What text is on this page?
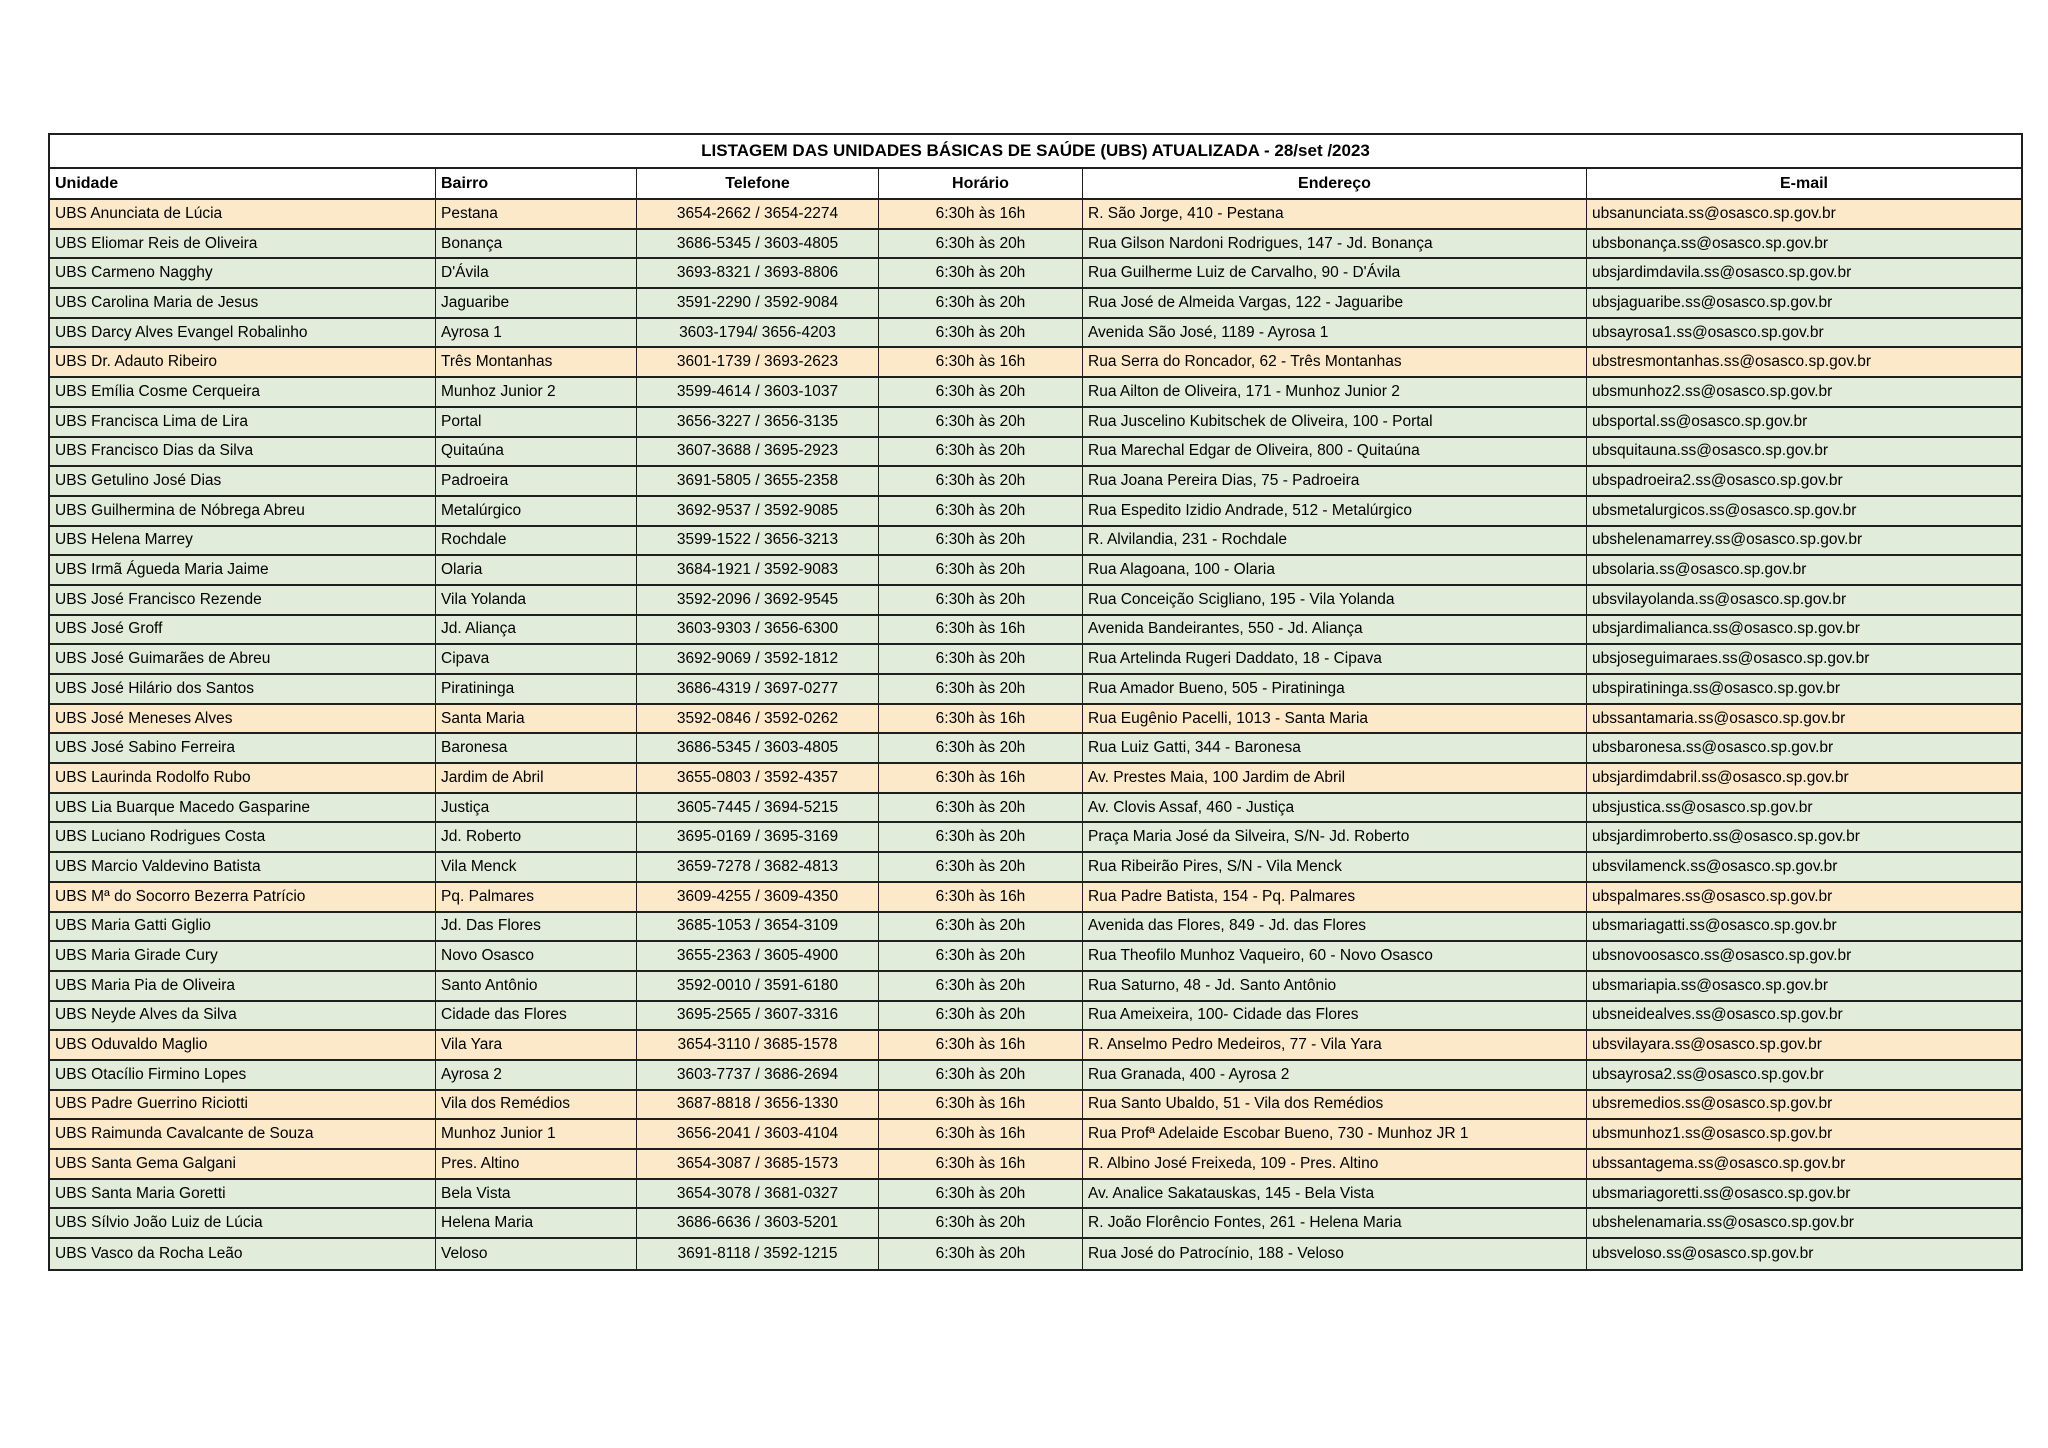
LISTAGEM DAS UNIDADES BÁSICAS DE SAÚDE (UBS) ATUALIZADA - 28/set /2023
Unidade	Bairro	Telefone	Horário	Endereço	E-mail
UBS Anunciata de Lúcia	Pestana	3654-2662 / 3654-2274	6:30h às 16h	R. São Jorge, 410 - Pestana	ubsanunciata.ss@osasco.sp.gov.br
UBS Eliomar Reis de Oliveira	Bonança	3686-5345 / 3603-4805	6:30h às 20h	Rua Gilson Nardoni Rodrigues, 147 - Jd. Bonança	ubsbonança.ss@osasco.sp.gov.br
UBS Carmeno Nagghy	D'Ávila	3693-8321 / 3693-8806	6:30h às 20h	Rua Guilherme Luiz de Carvalho, 90 - D'Ávila	ubsjardimdavila.ss@osasco.sp.gov.br
UBS Carolina Maria de Jesus	Jaguaribe	3591-2290 / 3592-9084	6:30h às 20h	Rua José de Almeida Vargas, 122 - Jaguaribe	ubsjaguaribe.ss@osasco.sp.gov.br
UBS Darcy Alves Evangel Robalinho	Ayrosa 1	3603-1794/ 3656-4203	6:30h às 20h	Avenida São José, 1189 - Ayrosa 1	ubsayrosa1.ss@osasco.sp.gov.br
UBS Dr. Adauto Ribeiro	Três Montanhas	3601-1739 / 3693-2623	6:30h às 16h	Rua Serra do Roncador, 62 - Três Montanhas	ubstresmontanhas.ss@osasco.sp.gov.br
UBS Emília Cosme Cerqueira	Munhoz Junior 2	3599-4614 / 3603-1037	6:30h às 20h	Rua Ailton de Oliveira, 171 - Munhoz Junior 2	ubsmunhoz2.ss@osasco.sp.gov.br
UBS Francisca Lima de Lira	Portal	3656-3227 / 3656-3135	6:30h às 20h	Rua Juscelino Kubitschek de Oliveira, 100 - Portal	ubsportal.ss@osasco.sp.gov.br
UBS Francisco Dias da Silva	Quitaúna	3607-3688 / 3695-2923	6:30h às 20h	Rua Marechal Edgar de Oliveira, 800 - Quitaúna	ubsquitauna.ss@osasco.sp.gov.br
UBS Getulino José Dias	Padroeira	3691-5805 / 3655-2358	6:30h às 20h	Rua Joana Pereira Dias, 75 - Padroeira	ubspadroeira2.ss@osasco.sp.gov.br
UBS Guilhermina de Nóbrega Abreu	Metalúrgico	3692-9537 / 3592-9085	6:30h às 20h	Rua Espedito Izidio Andrade, 512 - Metalúrgico	ubsmetalurgicos.ss@osasco.sp.gov.br
UBS Helena Marrey	Rochdale	3599-1522 / 3656-3213	6:30h às 20h	R. Alvilandia, 231 - Rochdale	ubshelenamarrey.ss@osasco.sp.gov.br
UBS Irmã Águeda Maria Jaime	Olaria	3684-1921 / 3592-9083	6:30h às 20h	Rua Alagoana, 100 - Olaria	ubsolaria.ss@osasco.sp.gov.br
UBS José Francisco Rezende	Vila Yolanda	3592-2096 / 3692-9545	6:30h às 20h	Rua Conceição Scigliano, 195 - Vila Yolanda	ubsvilayolanda.ss@osasco.sp.gov.br
UBS José Groff	Jd. Aliança	3603-9303 / 3656-6300	6:30h às 16h	Avenida Bandeirantes, 550 - Jd. Aliança	ubsjardimalianca.ss@osasco.sp.gov.br
UBS José Guimarães de Abreu	Cipava	3692-9069 / 3592-1812	6:30h às 20h	Rua Artelinda Rugeri Daddato, 18 - Cipava	ubsjoseguimaraes.ss@osasco.sp.gov.br
UBS José Hilário dos Santos	Piratininga	3686-4319 / 3697-0277	6:30h às 20h	Rua Amador Bueno, 505 - Piratininga	ubspiratininga.ss@osasco.sp.gov.br
UBS José Meneses Alves	Santa Maria	3592-0846 / 3592-0262	6:30h às 16h	Rua Eugênio Pacelli, 1013 - Santa Maria	ubssantamaria.ss@osasco.sp.gov.br
UBS José Sabino Ferreira	Baronesa	3686-5345 / 3603-4805	6:30h às 20h	Rua Luiz Gatti, 344 - Baronesa	ubsbaronesa.ss@osasco.sp.gov.br
UBS Laurinda Rodolfo Rubo	Jardim de Abril	3655-0803 / 3592-4357	6:30h às 16h	Av. Prestes Maia, 100 Jardim de Abril	ubsjardimdabril.ss@osasco.sp.gov.br
UBS Lia Buarque Macedo Gasparine	Justiça	3605-7445 / 3694-5215	6:30h às 20h	Av. Clovis Assaf, 460 - Justiça	ubsjustica.ss@osasco.sp.gov.br
UBS Luciano Rodrigues Costa	Jd. Roberto	3695-0169 / 3695-3169	6:30h às 20h	Praça Maria José da Silveira, S/N- Jd. Roberto	ubsjardimroberto.ss@osasco.sp.gov.br
UBS Marcio Valdevino Batista	Vila Menck	3659-7278 / 3682-4813	6:30h às 20h	Rua Ribeirão Pires, S/N - Vila Menck	ubsvilamenck.ss@osasco.sp.gov.br
UBS Mª do Socorro Bezerra Patrício	Pq. Palmares	3609-4255 / 3609-4350	6:30h às 16h	Rua Padre Batista, 154 - Pq. Palmares	ubspalmares.ss@osasco.sp.gov.br
UBS Maria Gatti Giglio	Jd. Das Flores	3685-1053 / 3654-3109	6:30h às 20h	Avenida das Flores, 849 - Jd. das Flores	ubsmariagatti.ss@osasco.sp.gov.br
UBS Maria Girade Cury	Novo Osasco	3655-2363 / 3605-4900	6:30h às 20h	Rua Theofilo Munhoz Vaqueiro, 60 - Novo Osasco	ubsnovoosasco.ss@osasco.sp.gov.br
UBS Maria Pia de Oliveira	Santo Antônio	3592-0010 / 3591-6180	6:30h às 20h	Rua Saturno, 48 - Jd. Santo Antônio	ubsmariapia.ss@osasco.sp.gov.br
UBS Neyde Alves da Silva	Cidade das Flores	3695-2565 / 3607-3316	6:30h às 20h	Rua Ameixeira, 100- Cidade das Flores	ubsneidealves.ss@osasco.sp.gov.br
UBS Oduvaldo Maglio	Vila Yara	3654-3110 / 3685-1578	6:30h às 16h	R. Anselmo Pedro Medeiros, 77 - Vila Yara	ubsvilayara.ss@osasco.sp.gov.br
UBS Otacílio Firmino Lopes	Ayrosa 2	3603-7737 / 3686-2694	6:30h às 20h	Rua Granada, 400 - Ayrosa 2	ubsayrosa2.ss@osasco.sp.gov.br
UBS Padre Guerrino Riciotti	Vila dos Remédios	3687-8818 / 3656-1330	6:30h às 16h	Rua Santo Ubaldo, 51 - Vila dos Remédios	ubsremedios.ss@osasco.sp.gov.br
UBS Raimunda Cavalcante de Souza	Munhoz Junior 1	3656-2041 / 3603-4104	6:30h às 16h	Rua Profª Adelaide Escobar Bueno, 730 - Munhoz JR 1	ubsmunhoz1.ss@osasco.sp.gov.br
UBS Santa Gema Galgani	Pres. Altino	3654-3087 / 3685-1573	6:30h às 16h	R. Albino José Freixeda, 109 - Pres. Altino	ubssantagema.ss@osasco.sp.gov.br
UBS Santa Maria Goretti	Bela Vista	3654-3078 / 3681-0327	6:30h às 20h	Av. Analice Sakatauskas, 145 - Bela Vista	ubsmariagoretti.ss@osasco.sp.gov.br
UBS Sílvio João Luiz de Lúcia	Helena Maria	3686-6636 / 3603-5201	6:30h às 20h	R. João Florêncio Fontes, 261 - Helena Maria	ubshelenamaria.ss@osasco.sp.gov.br
UBS Vasco da Rocha Leão	Veloso	3691-8118 / 3592-1215	6:30h às 20h	Rua José do Patrocínio, 188 - Veloso	ubsveloso.ss@osasco.sp.gov.br
